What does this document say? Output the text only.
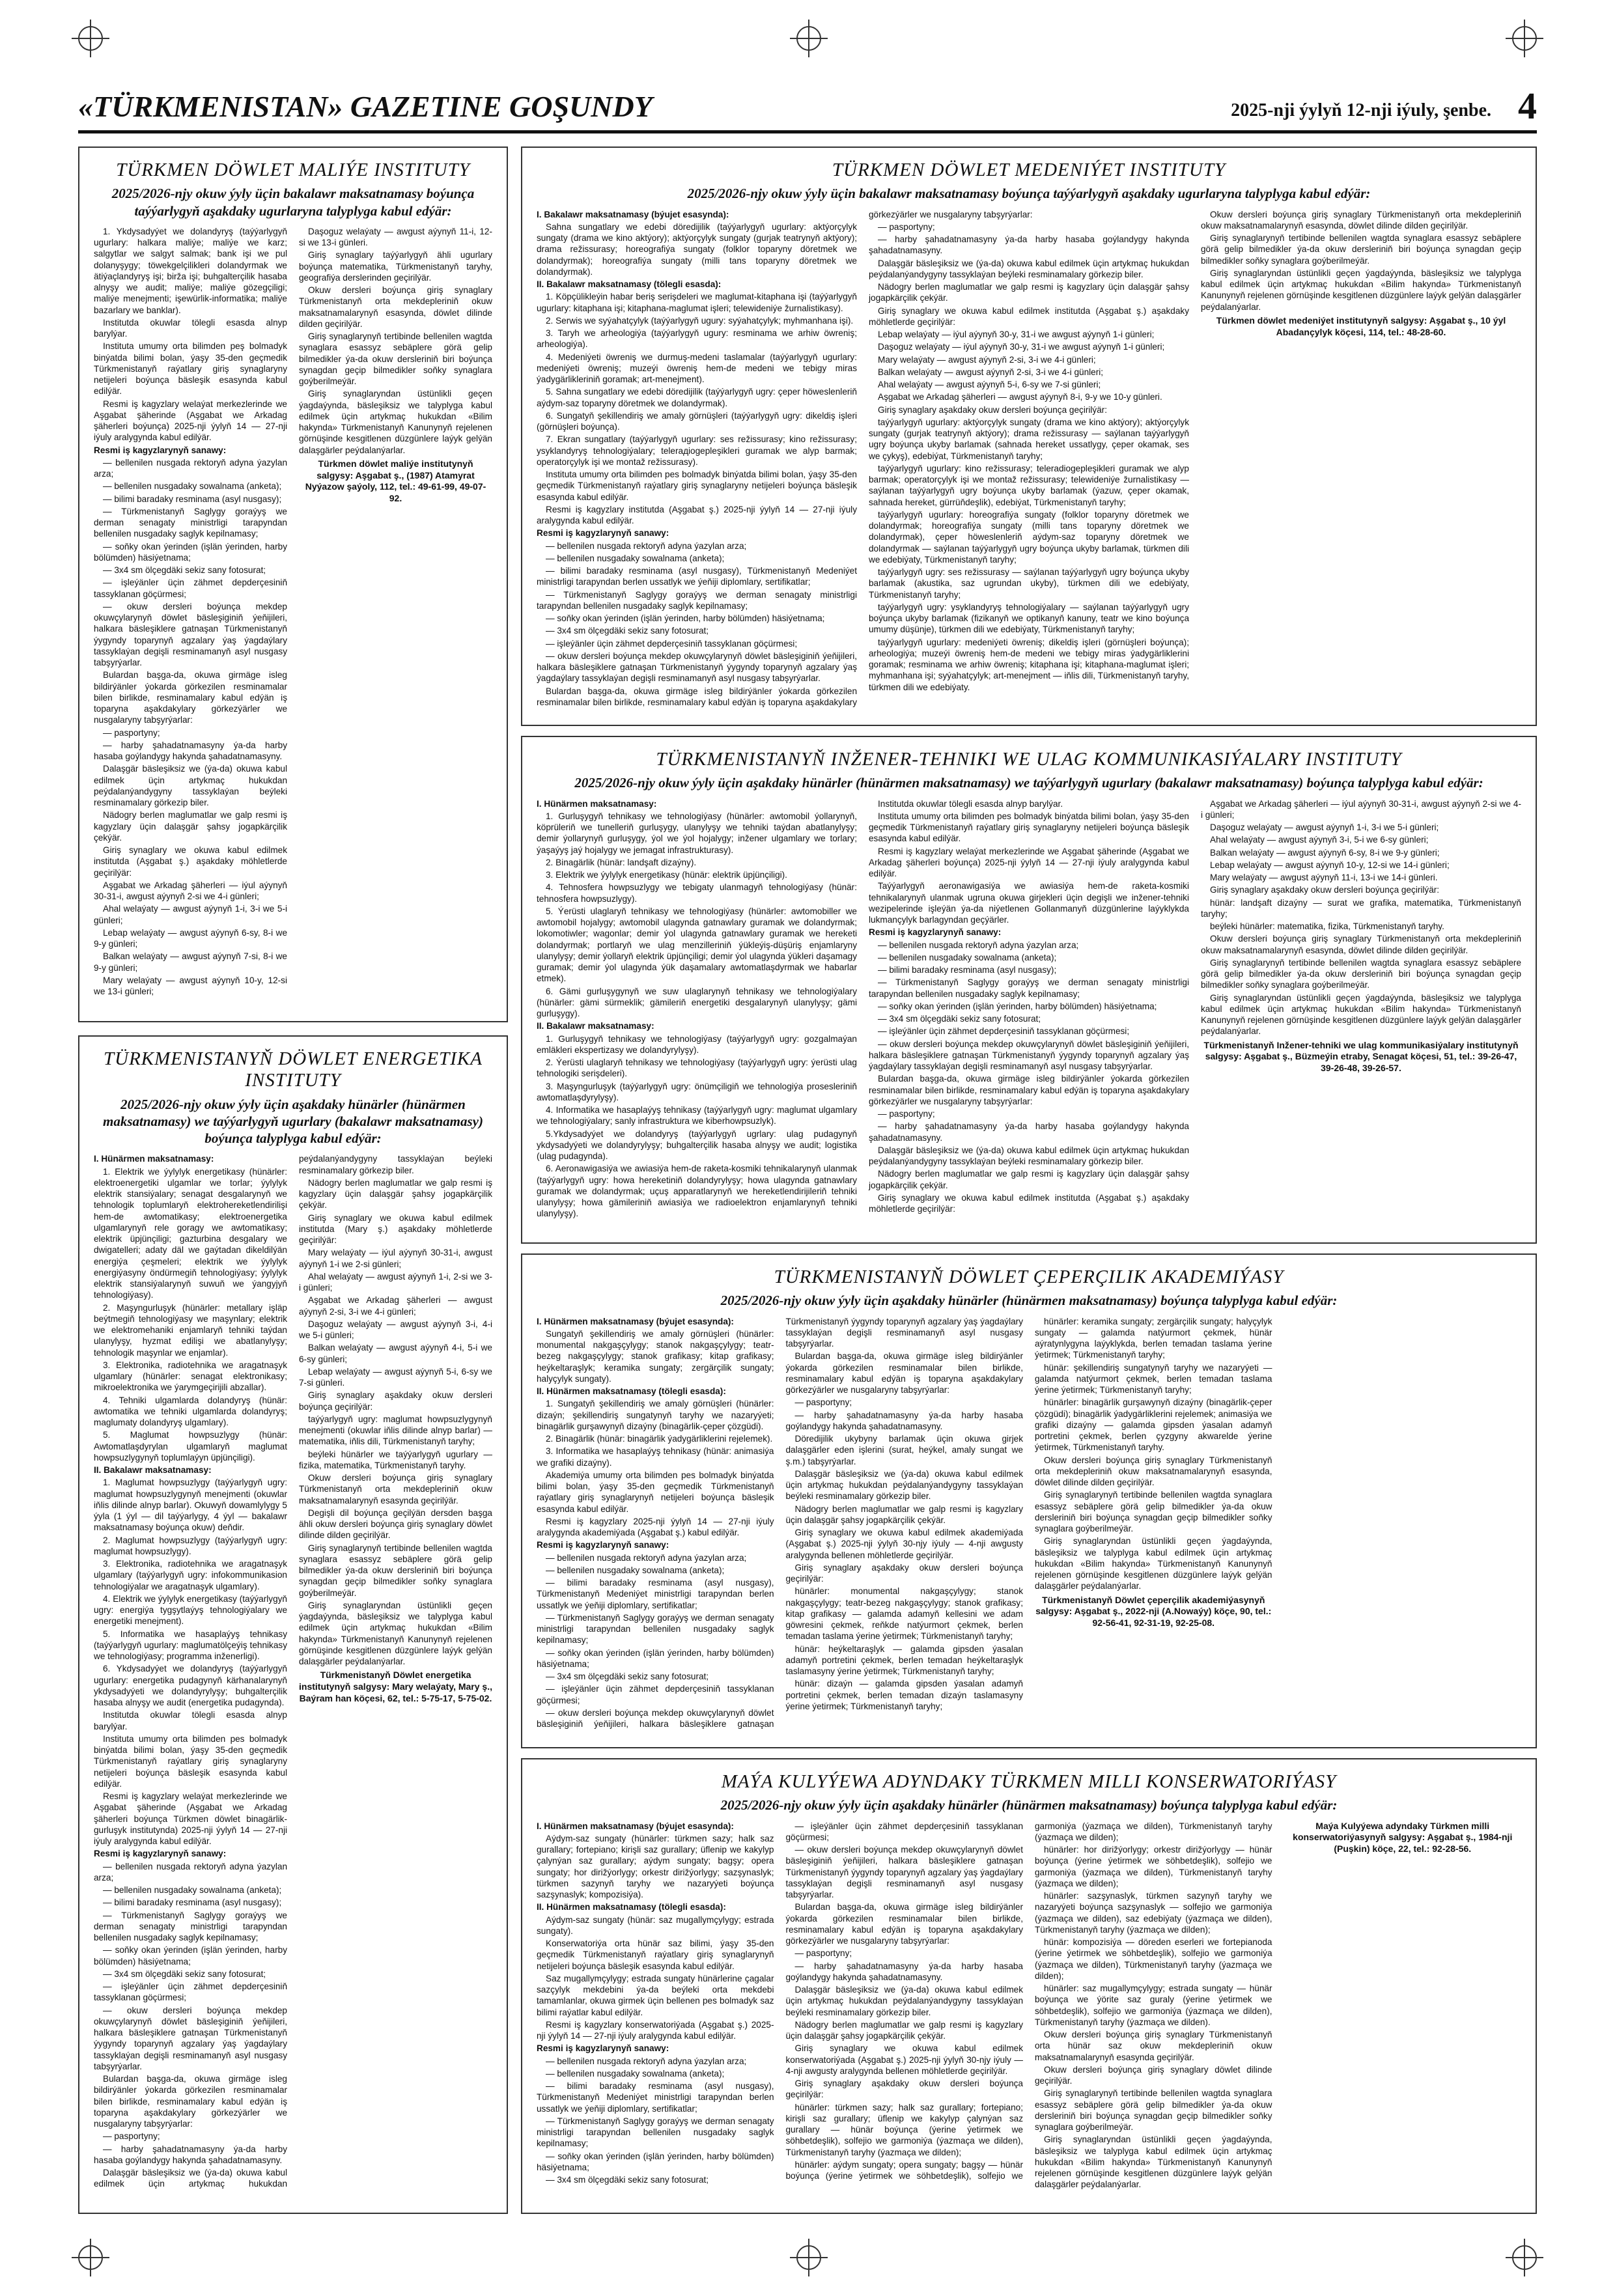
«TÜRKMENISTAN» GAZETINE GOŞUNDY	2025-nji ýylyň 12-nji iýuly, şenbe. 4
TÜRKMEN DÖWLET MALIÝE INSTITUTY
2025/2026-njy okuw ýyly üçin bakalawr maksatnamasy boýunça taýýarlygyň aşakdaky ugurlaryna talyplyga kabul edýär:

1. Ykdysadyýet we dolandyryş (taýýarlygyň ugurlary: halkara maliýe; maliýe we karz; salgytlar we salgyt salmak; bank işi we pul dolanyşygy; töwekgelçilikleri dolandyrmak we ätiýaçlandyryş işi; birža işi; buhgalterçilik hasaba alnyşy we audit; maliýe; maliýe gözegçiligi; maliýe menejmenti; işewürlik-informatika; maliýe bazarlary we banklar).

Institutda okuwlar tölegli esasda alnyp barylýar.

Institutа umumy orta bilimden peş bolmadyk binýatda bilimi bolan, ýaşy 35-den geçmedik Türkmenistanyň raýatlary giriş synaglaryny netijeleri boýunça bäsleşik esasynda kabul edilýär.

Resmi iş kagyzlary welaýat merkezlerinde we Aşgabat şäherinde (Aşgabat we Arkadag şäherleri boýunça) 2025-nji ýylyň 14 — 27-nji iýuly aralygynda kabul edilýär.

Resmi iş kagyzlarynyň sanawy:

— bellenilen nusgada rektoryň adyna ýazylan arza;

— bellenilen nusgadaky sowalnama (anketa);

— bilimi baradaky resminama (asyl nusgasy);

— Türkmenistanyň Saglygy goraýyş we derman senagaty ministrligi tarapyndan bellenilen nusgadaky saglyk kepilnamasy;

— soňky okan ýerinden (işlän ýerinden, harby bölümden) häsiýetnama;

— 3x4 sm ölçegdäki sekiz sany fotosurat;

— işleýänler üçin zähmet depderçesiniň tassyklanan göçürmesi;

— okuw dersleri boýunça mekdep okuwçylarynyň döwlet bäsleşiginiň ýeňijileri, halkara bäsleşiklere gatnaşan Türkmenistanyň ýygyndy toparynyň agzalary ýaş ýagdaýlary tassyklaýan degişli resminamanyň asyl nusgasy tabşyrýarlar.

Bulardan başga-da, okuwa girmäge isleg bildirýänler ýokarda görkezilen resminamalar bilen birlikde, resminamalary kabul edýän iş toparyna aşakdakylary görkezýärler we nusgalaryny tabşyrýarlar:

— pasportyny;

— harby şahadatnamasyny ýa-da harby hasaba goýlandygy hakynda şahadatnamasyny.

Dalaşgär bäsleşiksiz we (ýa-da) okuwa kabul edilmek üçin artykmaç hukukdan peýdalanýandygyny tassyklaýan beýleki resminamalary görkezip biler.

Nädogry berlen maglumatlar we galp resmi iş kagyzlary üçin dalaşgär şahsy jogapkärçilik çekýär.

Giriş synaglary we okuwa kabul edilmek institutda (Aşgabat ş.) aşakdaky möhletlerde geçirilýär:

Aşgabat we Arkadag şäherleri — iýul aýynyň 30-31-i, awgust aýynyň 2-si we 4-i günleri;

Ahal welaýaty — awgust aýynyň 1-i, 3-i we 5-i günleri;

Lebap welaýaty — awgust aýynyň 6-sy, 8-i we 9-y günleri;

Balkan welaýaty — awgust aýynyň 7-si, 8-i we 9-y günleri;

Mary welaýaty — awgust aýynyň 10-y, 12-si we 13-i günleri;

Daşoguz welaýaty — awgust aýynyň 11-i, 12-si we 13-i günleri.

Giriş synaglary taýýarlygyň ähli ugurlary boýunça matematika, Türkmenistanyň taryhy, geografiýa derslerinden geçirilýär.

Okuw dersleri boýunça giriş synaglary Türkmenistanyň orta mekdepleriniň okuw maksatnamalarynyň esasynda, döwlet dilinde dilden geçirilýär.

Giriş synaglarynyň tertibinde bellenilen wagtda synaglara esassyz sebäplere görä gelip bilmedikler ýa-da okuw dersleriniň biri boýunça synagdan geçip bilmedikler soňky synaglara goýberilmeýär.

Giriş synaglaryndan üstünlikli geçen ýagdaýynda, bäsleşiksiz we talyplyga kabul edilmek üçin artykmaç hukukdan «Bilim hakynda» Türkmenistanyň Kanunynyň rejelenen görnüşinde kesgitlenen düzgünlere laýyk gelýän dalaşgärler peýdalanýarlar.

Türkmen döwlet maliýe institutynyň salgysy: Aşgabat ş., (1987) Atamyrat Nyýazow şaýoly, 112, tel.: 49-61-99, 49-07-92.

TÜRKMENISTANYŇ DÖWLET ENERGETIKA INSTITUTY
2025/2026-njy okuw ýyly üçin aşakdaky hünärler (hünärmen maksatnamasy) we taýýarlygyň ugurlary (bakalawr maksatnamasy) boýunça talyplyga kabul edýär:

I. Hünärmen maksatnamasy:

1. Elektrik we ýylylyk energetikasy (hünärler: elektroenergetiki ulgamlar we torlar; ýylylyk elektrik stansiýalary; senagat desgalarynyň we tehnologik toplumlaryň elektrohereketlendirilişi hem-de awtomatikasy; elektroenergetika ulgamlarynyň rele goragy we awtomatikasy; elektrik üpjünçiligi; gazturbina desgalary we dwigatelleri; adaty däl we gaýtadan dikeldilýän energiýa çeşmeleri; elektrik we ýylylyk energiýasyny öndürmegiň tehnologiýasy; ýylylyk elektrik stansiýalarynyň suwuň we ýangyjyň tehnologiýasy).

2. Maşyngurluşyk (hünärler: metallary işläp beýtmegiň tehnologiýasy we maşynlary; elektrik we elektromehaniki enjamlaryň tehniki taýdan ulanylyşy, hyzmat edilişi we abatlanylyşy; tehnologik maşynlar we enjamlar).

3. Elektronika, radiotehnika we aragatnaşyk ulgamlary (hünärler: senagat elektronikasy; mikroelektronika we ýarymgeçirijili abzallar).

4. Tehniki ulgamlarda dolandyryş (hünär: awtomatika we tehniki ulgamlarda dolandyryş; maglumaty dolandyryş ulgamlary).

5. Maglumat howpsuzlygy (hünär: Awtomatlaşdyrylan ulgamlaryň maglumat howpsuzlygynyň toplumlaýyn üpjünçiligi).

II. Bakalawr maksatnamasy:

1. Maglumat howpsuzlygy (taýýarlygyň ugry: maglumat howpsuzlygynyň menejmenti (okuwlar iňlis dilinde alnyp barlar). Okuwyň dowamlylygy 5 ýyla (1 ýyl — dil taýýarlygy, 4 ýyl — bakalawr maksatnamasy boýunça okuw) deňdir.

2. Maglumat howpsuzlygy (taýýarlygyň ugry: maglumat howpsuzlygy).

3. Elektronika, radiotehnika we aragatnaşyk ulgamlary (taýýarlygyň ugry: infokommunikasion tehnologiýalar we aragatnaşyk ulgamlary).

4. Elektrik we ýylylyk energetikasy (taýýarlygyň ugry: energiýa tygşytlaýyş tehnologiýalary we energetiki menejment).

5. Informatika we hasaplaýyş tehnikasy (taýýarlygyň ugurlary: maglumatölçeýiş tehnikasy we tehnologiýasy; programma inženerligi).

6. Ykdysadyýet we dolandyryş (taýýarlygyň ugurlary: energetika pudagynyň kärhanalarynyň ykdysadyýeti we dolandyrylyşy; buhgalterçilik hasaba alnyşy we audit (energetika pudagynda).

Institutda okuwlar tölegli esasda alnyp barylýar.

Institutа umumy orta bilimden pes bolmadyk binýatda bilimi bolan, ýaşy 35-den geçmedik Türkmenistanyň raýatlary giriş synaglaryny netijeleri boýunça bäsleşik esasynda kabul edilýär.

Resmi iş kagyzlary welaýat merkezlerinde we Aşgabat şäherinde (Aşgabat we Arkadag şäherleri boýunça Türkmen döwlet binagärlik-gurluşyk institutynda) 2025-nji ýylyň 14 — 27-nji iýuly aralygynda kabul edilýär.

Resmi iş kagyzlarynyň sanawy:

— bellenilen nusgada rektoryň adyna ýazylan arza;

— bellenilen nusgadaky sowalnama (anketa);

— bilimi baradaky resminama (asyl nusgasy);

— Türkmenistanyň Saglygy goraýyş we derman senagaty ministrligi tarapyndan bellenilen nusgadaky saglyk kepilnamasy;

— soňky okan ýerinden (işlän ýerinden, harby bölümden) häsiýetnama;

— 3x4 sm ölçegdäki sekiz sany fotosurat;

— işleýänler üçin zähmet depderçesiniň tassyklanan göçürmesi;

— okuw dersleri boýunça mekdep okuwçylarynyň döwlet bäsleşiginiň ýeňijileri, halkara bäsleşiklere gatnaşan Türkmenistanyň ýygyndy toparynyň agzalary ýaş ýagdaýlary tassyklaýan degişli resminamanyň asyl nusgasy tabşyrýarlar.

Bulardan başga-da, okuwa girmäge isleg bildirýänler ýokarda görkezilen resminamalar bilen birlikde, resminamalary kabul edýän iş toparyna aşakdakylary görkezýärler we nusgalaryny tabşyrýarlar:

— pasportyny;

— harby şahadatnamasyny ýa-da harby hasaba goýlandygy hakynda şahadatnamasyny.

Dalaşgär bäsleşiksiz we (ýa-da) okuwa kabul edilmek üçin artykmaç hukukdan peýdalanýandygyny tassyklaýan beýleki resminamalary görkezip biler.

Nädogry berlen maglumatlar we galp resmi iş kagyzlary üçin dalaşgär şahsy jogapkärçilik çekýär.

Giriş synaglary we okuwa kabul edilmek institutda (Mary ş.) aşakdaky möhletlerde geçirilýär:

Mary welaýaty — iýul aýynyň 30-31-i, awgust aýynyň 1-i we 2-si günleri;

Ahal welaýaty — awgust aýynyň 1-i, 2-si we 3-i günleri;

Aşgabat we Arkadag şäherleri — awgust aýynyň 2-si, 3-i we 4-i günleri;

Daşoguz welaýaty — awgust aýynyň 3-i, 4-i we 5-i günleri;

Balkan welaýaty — awgust aýynyň 4-i, 5-i we 6-sy günleri;

Lebap welaýaty — awgust aýynyň 5-i, 6-sy we 7-si günleri.

Giriş synaglary aşakdaky okuw dersleri boýunça geçirilýär:

taýýarlygyň ugry: maglumat howpsuzlygynyň menejmenti (okuwlar iňlis dilinde alnyp barlar) — matematika, iňlis dili, Türkmenistanyň taryhy;

beýleki hünärler we taýýarlygyň ugurlary — fizika, matematika, Türkmenistanyň taryhy.

Okuw dersleri boýunça giriş synaglary Türkmenistanyň orta mekdepleriniň okuw maksatnamalarynyň esasynda geçirilýär.

Degişli dil boýunça geçilýän dersden başga ähli okuw dersleri boýunça giriş synaglary döwlet dilinde dilden geçirilýär.

Giriş synaglarynyň tertibinde bellenilen wagtda synaglara esassyz sebäplere görä gelip bilmedikler ýa-da okuw dersleriniň biri boýunça synagdan geçip bilmedikler soňky synaglara goýberilmeýär.

Giriş synaglaryndan üstünlikli geçen ýagdaýynda, bäsleşiksiz we talyplyga kabul edilmek üçin artykmaç hukukdan «Bilim hakynda» Türkmenistanyň Kanunynyň rejelenen görnüşinde kesgitlenen düzgünlere laýyk gelýän dalaşgärler peýdalanýarlar.

Türkmenistanyň Döwlet energetika institutynyň salgysy: Mary welaýaty, Mary ş., Baýram han köçesi, 62, tel.: 5-75-17, 5-75-02.

TÜRKMEN DÖWLET MEDENIÝET INSTITUTY
2025/2026-njy okuw ýyly üçin bakalawr maksatnamasy boýunça taýýarlygyň aşakdaky ugurlaryna talyplyga kabul edýär:

I. Bakalawr maksatnamasy (býujet esasynda):

Sahna sungatlary we edebi döredijilik (taýýarlygyň ugurlary: aktýorçylyk sungaty (drama we kino aktýory); aktýorçylyk sungaty (gurjak teatrynyň aktýory); drama režissurasy; horeografiýa sungaty (folklor toparyny döretmek we dolandyrmak); horeografiýa sungaty (milli tans toparyny döretmek we dolandyrmak).

II. Bakalawr maksatnamasy (tölegli esasda):

1. Köpçülikleýin habar beriş serişdeleri we maglumat-kitaphana işi (taýýarlygyň ugurlary: kitaphana işi; kitaphana-maglumat işleri; telewideniýe žurnalistikasy).

2. Serwis we syýahatçylyk (taýýarlygyň ugury: syýahatçylyk; myhmanhana işi).

3. Taryh we arheologiýa (taýýarlygyň ugury: resminama we arhiw öwreniş; arheologiýa).

4. Medeniýeti öwreniş we durmuş-medeni taslamalar (taýýarlygyň ugurlary: medeniýeti öwreniş; muzeýi öwreniş hem-de medeni we tebigy miras ýadygärlikleriniň goramak; art-menejment).

5. Sahna sungatlary we edebi döredijilik (taýýarlygyň ugry: çeper höweslenleriň aýdym-saz toparyny döretmek we dolandyrmak).

6. Sungatyň şekillendiriş we amaly görnüşleri (taýýarlygyň ugry: dikeldiş işleri (görnüşleri boýunça).

7. Ekran sungatlary (taýýarlygyň ugurlary: ses režissurasy; kino režissurasy; ysyklandyryş tehnologiýalary; telerадiogepleşikleri guramak we alyp barmak; operatorçylyk işi we montaž režissurasy).

Institutа umumy orta bilimden pes bolmadyk binýatda bilimi bolan, ýaşy 35-den geçmedik Türkmenistanyň raýatlary giriş synaglaryny netijeleri boýunça bäsleşik esasynda kabul edilýär.

Resmi iş kagyzlary institutda (Aşgabat ş.) 2025-nji ýylyň 14 — 27-nji iýuly aralygynda kabul edilýär.

Resmi iş kagyzlarynyň sanawy:

— bellenilen nusgada rektoryň adyna ýazylan arza;

— bellenilen nusgadaky sowalnama (anketa);

— bilimi baradaky resminama (asyl nusgasy), Türkmenistanyň Medeniýet ministrligi tarapyndan berlen ussatlyk we ýeňiji diplomlary, sertifikatlar;

— Türkmenistanyň Saglygy goraýyş we derman senagaty ministrligi tarapyndan bellenilen nusgadaky saglyk kepilnamasy;

— soňky okan ýerinden (işlän ýerinden, harby bölümden) häsiýetnama;

— 3x4 sm ölçegdäki sekiz sany fotosurat;

— işleýänler üçin zähmet depderçesiniň tassyklanan göçürmesi;

— okuw dersleri boýunça mekdep okuwçylarynyň döwlet bäsleşiginiň ýeňijileri, halkara bäsleşiklere gatnaşan Türkmenistanyň ýygyndy toparynyň agzalary ýaş ýagdaýlary tassyklaýan degişli resminamanyň asyl nusgasy tabşyrýarlar.

Bulardan başga-da, okuwa girmäge isleg bildirýänler ýokarda görkezilen resminamalar bilen birlikde, resminamalary kabul edýän iş toparyna aşakdakylary görkezýärler we nusgalaryny tabşyrýarlar:

— pasportyny;

— harby şahadatnamasyny ýa-da harby hasaba goýlandygy hakynda şahadatnamasyny.

Dalaşgär bäsleşiksiz we (ýa-da) okuwa kabul edilmek üçin artykmaç hukukdan peýdalanýandygyny tassyklaýan beýleki resminamalary görkezip biler.

Nädogry berlen maglumatlar we galp resmi iş kagyzlary üçin dalaşgär şahsy jogapkärçilik çekýär.

Giriş synaglary we okuwa kabul edilmek institutda (Aşgabat ş.) aşakdaky möhletlerde geçirilýär:

Lebap welaýaty — iýul aýynyň 30-y, 31-i we awgust aýynyň 1-i günleri;

Daşoguz welaýaty — iýul aýynyň 30-y, 31-i we awgust aýynyň 1-i günleri;

Mary welaýaty — awgust aýynyň 2-si, 3-i we 4-i günleri;

Balkan welaýaty — awgust aýynyň 2-si, 3-i we 4-i günleri;

Ahal welaýaty — awgust aýynyň 5-i, 6-sy we 7-si günleri;

Aşgabat we Arkadag şäherleri — awgust aýynyň 8-i, 9-y we 10-y günleri.

Giriş synaglary aşakdaky okuw dersleri boýunça geçirilýär:

taýýarlygyň ugurlary: aktýorçylyk sungaty (drama we kino aktýory); aktýorçylyk sungaty (gurjak teatrynyň aktýory); drama režissurasy — saýlanan taýýarlygyň ugry boýunça ukyby barlamak (sahnada hereket ussatlygy, çeper okamak, ses we çykyş), edebiýat, Türkmenistanyň taryhy;

taýýarlygyň ugurlary: kino režissurasy; teleradiogepleşikleri guramak we alyp barmak; operatorçylyk işi we montaž režissurasy; telewideniýe žurnalistikasy — saýlanan taýýarlygyň ugry boýunça ukyby barlamak (ýazuw, çeper okamak, sahnada hereket, gürrüňdeşlik), edebiýat, Türkmenistanyň taryhy;

taýýarlygyň ugurlary: horeografiýa sungaty (folklor toparyny döretmek we dolandyrmak; horeografiýa sungaty (milli tans toparyny döretmek we dolandyrmak), çeper höweslenleriň aýdym-saz toparyny döretmek we dolandyrmak — saýlanan taýýarlygyň ugry boýunça ukyby barlamak, türkmen dili we edebiýaty, Türkmenistanyň taryhy;

taýýarlygyň ugry: ses režissurasy — saýlanan taýýarlygyň ugry boýunça ukyby barlamak (akustika, saz ugrundan ukyby), türkmen dili we edebiýaty, Türkmenistanyň taryhy;

taýýarlygyň ugry: ysyklandyryş tehnologiýalary — saýlanan taýýarlygyň ugry boýunça ukyby barlamak (fizikanyň we optikanyň kanuny, teatr we kino boýunça umumy düşünje), türkmen dili we edebiýaty, Türkmenistanyň taryhy;

taýýarlygyň ugurlary: medeniýeti öwreniş; dikeldiş işleri (görnüşleri boýunça); arheologiýa; muzeýi öwreniş hem-de medeni we tebigy miras ýadygärliklerini goramak; resminama we arhiw öwreniş; kitaphana işi; kitaphana-maglumat işleri; myhmanhana işi; syýahatçylyk; art-menejment — iňlis dili, Türkmenistanyň taryhy, türkmen dili we edebiýaty.

Okuw dersleri boýunça giriş synaglary Türkmenistanyň orta mekdepleriniň okuw maksatnamalarynyň esasynda, döwlet dilinde dilden geçirilýär.

Giriş synaglarynyň tertibinde bellenilen wagtda synaglara esassyz sebäplere görä gelip bilmedikler ýa-da okuw dersleriniň biri boýunça synagdan geçip bilmedikler soňky synaglara goýberilmeýär.

Giriş synaglaryndan üstünlikli geçen ýagdaýynda, bäsleşiksiz we talyplyga kabul edilmek üçin artykmaç hukukdan «Bilim hakynda» Türkmenistanyň Kanunynyň rejelenen görnüşinde kesgitlenen düzgünlere laýyk gelýän dalaşgärler peýdalanýarlar.

Türkmen döwlet medeniýet institutynyň salgysy: Aşgabat ş., 10 ýyl Abadançylyk köçesi, 114, tel.: 48-28-60.

TÜRKMENISTANYŇ INŽENER-TEHNIKI WE ULAG KOMMUNIKASIÝALARY INSTITUTY
2025/2026-njy okuw ýyly üçin aşakdaky hünärler (hünärmen maksatnamasy) we taýýarlygyň ugurlary (bakalawr maksatnamasy) boýunça talyplyga kabul edýär:

I. Hünärmen maksatnamasy:

1. Gurluşygyň tehnikasy we tehnologiýasy (hünärler: awtomobil ýollarynyň, köprüleriň we tunelleriň gurluşygy, ulanylyşy we tehniki taýdan abatlanylyşy; demir ýollarynyň gurluşygy, ýol we ýol hojalygy; inžener ulgamlary we torlary; ýaşaýyş jaý hojalygy we jemagat infrastrukturasy).

2. Binagärlik (hünär: landşaft dizaýny).

3. Elektrik we ýylylyk energetikasy (hünär: elektrik üpjünçiligi).

4. Tehnosfera howpsuzlygy we tebigaty ulanmagyň tehnologiýasy (hünär: tehnosfera howpsuzlygy).

5. Ýerüsti ulaglaryň tehnikasy we tehnologiýasy (hünärler: awtomobiller we awtomobil hojalygy; awtomobil ulagynda gatnawlary guramak we dolandyrmak; lokomotiwler; wagonlar; demir ýol ulagynda gatnawlary guramak we hereketi dolandyrmak; portlaryň we ulag menzilleriniň ýükleýiş-düşüriş enjamlaryny ulanylyşy; demir ýollaryň elektrik üpjünçiligi; demir ýol ulagynda ýükleri daşamagy guramak; demir ýol ulagynda ýük daşamalary awtomatlaşdyrmak we habarlar etmek).

6. Gämi gurluşygynyň we suw ulaglarynyň tehnikasy we tehnologiýalary (hünärler: gämi sürmeklik; gämileriň energetiki desgalarynyň ulanylyşy; gämi gurluşygy).

II. Bakalawr maksatnamasy:

1. Gurluşygyň tehnikasy we tehnologiýasy (taýýarlygyň ugry: gozgalmaýan emläkleri ekspertizasy we dolandyrylyşy).

2. Ýerüsti ulaglaryň tehnikasy we tehnologiýasy (taýýarlygyň ugry: ýerüsti ulag tehnologiki serişdeleri).

3. Maşyngurluşyk (taýýarlygyň ugry: önümçiligiň we tehnologiýa prosesleriniň awtomatlaşdyrylyşy).

4. Informatika we hasaplaýyş tehnikasy (taýýarlygyň ugry: maglumat ulgamlary we tehnologiýalary; sanly infrastruktura we kiberhowpsuzlyk).

5.Ykdysadyýet we dolandyryş (taýýarlygyň ugrlary: ulag pudagynyň ykdysadyýeti we dolandyrylyşy; buhgalterçilik hasaba alnyşy we audit; logistika (ulag pudagynda).

6. Aeronawigasiýa we awiasiýa hem-de raketa-kosmiki tehnikalarynyň ulanmak (taýýarlygyň ugry: howa hereketiniň dolandyrylyşy; howa ulagynda gatnawlary guramak we dolandyrmak; uçuş apparatlarynyň we hereketlendirijileriň tehniki ulanylyşy; howa gämileriniň awiasiýa we radioelektron enjamlarynyň tehniki ulanylyşy).

Institutda okuwlar tölegli esasda alnyp barylýar.

Institutа umumy orta bilimden pes bolmadyk binýatda bilimi bolan, ýaşy 35-den geçmedik Türkmenistanyň raýatlary giriş synaglaryny netijeleri boýunça bäsleşik esasynda kabul edilýär.

Resmi iş kagyzlary welaýat merkezlerinde we Aşgabat şäherinde (Aşgabat we Arkadag şäherleri boýunça) 2025-nji ýylyň 14 — 27-nji iýuly aralygynda kabul edilýär.

Taýýarlygyň aeronawigasiýa we awiasiýa hem-de raketa-kosmiki tehnikalarynyň ulanmak ugruna okuwa girjekleri üçin degişli we inžener-tehniki wezipelerinde işleýän ýa-da niýetlenen Gollanmanyň düzgünlerine laýyklykda lukmançylyk barlagyndan geçýärler.

Resmi iş kagyzlarynyň sanawy:

— bellenilen nusgada rektoryň adyna ýazylan arza;

— bellenilen nusgadaky sowalnama (anketa);

— bilimi baradaky resminama (asyl nusgasy);

— Türkmenistanyň Saglygy goraýyş we derman senagaty ministrligi tarapyndan bellenilen nusgadaky saglyk kepilnamasy;

— soňky okan ýerinden (işlän ýerinden, harby bölümden) häsiýetnama;

— 3x4 sm ölçegdäki sekiz sany fotosurat;

— işleýänler üçin zähmet depderçesiniň tassyklanan göçürmesi;

— okuw dersleri boýunça mekdep okuwçylarynyň döwlet bäsleşiginiň ýeňijileri, halkara bäsleşiklere gatnaşan Türkmenistanyň ýygyndy toparynyň agzalary ýaş ýagdaýlary tassyklaýan degişli resminamanyň asyl nusgasy tabşyrýarlar.

Bulardan başga-da, okuwa girmäge isleg bildirýänler ýokarda görkezilen resminamalar bilen birlikde, resminamalary kabul edýän iş toparyna aşakdakylary görkezýärler we nusgalaryny tabşyrýarlar:

— pasportyny;

— harby şahadatnamasyny ýa-da harby hasaba goýlandygy hakynda şahadatnamasyny.

Dalaşgär bäsleşiksiz we (ýa-da) okuwa kabul edilmek üçin artykmaç hukukdan peýdalanýandygyny tassyklaýan beýleki resminamalary görkezip biler.

Nädogry berlen maglumatlar we galp resmi iş kagyzlary üçin dalaşgär şahsy jogapkärçilik çekýär.

Giriş synaglary we okuwa kabul edilmek institutda (Aşgabat ş.) aşakdaky möhletlerde geçirilýär:

Aşgabat we Arkadag şäherleri — iýul aýynyň 30-31-i, awgust aýynyň 2-si we 4-i günleri;

Daşoguz welaýaty — awgust aýynyň 1-i, 3-i we 5-i günleri;

Ahal welaýaty — awgust aýynyň 3-i, 5-i we 6-sy günleri;

Balkan welaýaty — awgust aýynyň 6-sy, 8-i we 9-y günleri;

Lebap welaýaty — awgust aýynyň 10-y, 12-si we 14-i günleri;

Mary welaýaty — awgust aýynyň 11-i, 13-i we 14-i günleri.

Giriş synaglary aşakdaky okuw dersleri boýunça geçirilýär:

hünär: landşaft dizaýny — surat we grafika, matematika, Türkmenistanyň taryhy;

beýleki hünärler: matematika, fizika, Türkmenistanyň taryhy.

Okuw dersleri boýunça giriş synaglary Türkmenistanyň orta mekdepleriniň okuw maksatnamalarynyň esasynda, döwlet dilinde dilden geçirilýär.

Giriş synaglarynyň tertibinde bellenilen wagtda synaglara esassyz sebäplere görä gelip bilmedikler ýa-da okuw dersleriniň biri boýunça synagdan geçip bilmedikler soňky synaglara goýberilmeýär.

Giriş synaglaryndan üstünlikli geçen ýagdaýynda, bäsleşiksiz we talyplyga kabul edilmek üçin artykmaç hukukdan «Bilim hakynda» Türkmenistanyň Kanunynyň rejelenen görnüşinde kesgitlenen düzgünlere laýyk gelýän dalaşgärler peýdalanýarlar.

Türkmenistanyň Inžener-tehniki we ulag kommunikasiýalary institutynyň salgysy: Aşgabat ş., Büzmeýin etraby, Senagat köçesi, 51, tel.: 39-26-47, 39-26-48, 39-26-57.

TÜRKMENISTANYŇ DÖWLET ÇEPERÇILIK AKADEMIÝASY
2025/2026-njy okuw ýyly üçin aşakdaky hünärler (hünärmen maksatnamasy) boýunça talyplyga kabul edýär:

I. Hünärmen maksatnamasy (býujet esasynda):

Sungatyň şekillendiriş we amaly görnüşleri (hünärler: monumental nakgaşçylygy; stanok nakgaşçylygy; teatr-bezeg nakgaşçylygy; stanok grafikasy; kitap grafikasy; heýkeltaraşlyk; keramika sungaty; zergärçilik sungaty; halyçylyk sungaty).

II. Hünärmen maksatnamasy (tölegli esasda):

1. Sungatyň şekillendiriş we amaly görnüşleri (hünärler: dizaýn; şekillendiriş sungatynyň taryhy we nazaryýeti; binagärlik gurşawynyň dizaýny (binagärlik-çeper çözgüdi).

2. Binagärlik (hünär: binagärlik ýadygärliklerini rejelemek).

3. Informatika we hasaplaýyş tehnikasy (hünär: animasiýa we grafiki dizaýny).

Akademiýa umumy orta bilimden pes bolmadyk binýatda bilimi bolan, ýaşy 35-den geçmedik Türkmenistanyň raýatlary giriş synaglarynyň netijeleri boýunça bäsleşik esasynda kabul edilýär.

Resmi iş kagyzlary 2025-nji ýylyň 14 — 27-nji iýuly aralygynda akademiýada (Aşgabat ş.) kabul edilýär.

Resmi iş kagyzlarynyň sanawy:

— bellenilen nusgada rektoryň adyna ýazylan arza;

— bellenilen nusgadaky sowalnama (anketa);

— bilimi baradaky resminama (asyl nusgasy), Türkmenistanyň Medeniýet ministrligi tarapyndan berlen ussatlyk we ýeňiji diplomlary, sertifikatlar;

— Türkmenistanyň Saglygy goraýyş we derman senagaty ministrligi tarapyndan bellenilen nusgadaky saglyk kepilnamasy;

— soňky okan ýerinden (işlän ýerinden, harby bölümden) häsiýetnama;

— 3x4 sm ölçegdäki sekiz sany fotosurat;

— işleýänler üçin zähmet depderçesiniň tassyklanan göçürmesi;

— okuw dersleri boýunça mekdep okuwçylarynyň döwlet bäsleşiginiň ýeňijileri, halkara bäsleşiklere gatnaşan Türkmenistanyň ýygyndy toparynyň agzalary ýaş ýagdaýlary tassyklaýan degişli resminamanyň asyl nusgasy tabşyrýarlar.

Bulardan başga-da, okuwa girmäge isleg bildirýänler ýokarda görkezilen resminamalar bilen birlikde, resminamalary kabul edýän iş toparyna aşakdakylary görkezýärler we nusgalaryny tabşyrýarlar:

— pasportyny;

— harby şahadatnamasyny ýa-da harby hasaba goýlandygy hakynda şahadatnamasyny.

Döredijilik ukybyny barlamak üçin okuwa girjek dalaşgärler eden işlerini (surat, heýkel, amaly sungat we ş.m.) tabşyrýarlar.

Dalaşgär bäsleşiksiz we (ýa-da) okuwa kabul edilmek üçin artykmaç hukukdan peýdalanýandygyny tassyklaýan beýleki resminamalary görkezip biler.

Nädogry berlen maglumatlar we galp resmi iş kagyzlary üçin dalaşgär şahsy jogapkärçilik çekýär.

Giriş synaglary we okuwa kabul edilmek akademiýada (Aşgabat ş.) 2025-nji ýylyň 30-njy iýuly — 4-nji awgusty aralygynda bellenen möhletlerde geçirilýär.

Giriş synaglary aşakdaky okuw dersleri boýunça geçirilýär:

hünärler: monumental nakgaşçylygy; stanok nakgaşçylygy; teatr-bezeg nakgaşçylygy; stanok grafikasy; kitap grafikasy — galamda adamyň kellesini we adam göwresini çekmek, reňkde natýurmort çekmek, berlen temadan taslama ýerine ýetirmek; Türkmenistanyň taryhy;

hünär: heýkeltaraşlyk — galamda gipsden ýasalan adamyň portretini çekmek, berlen temadan heýkeltaraşlyk taslamasyny ýerine ýetirmek; Türkmenistanyň taryhy;

hünär: dizaýn — galamda gipsden ýasalan adamyň portretini çekmek, berlen temadan dizaýn taslamasyny ýerine ýetirmek; Türkmenistanyň taryhy;

hünärler: keramika sungaty; zergärçilik sungaty; halyçylyk sungaty — galamda natýurmort çekmek, hünär aýratynlygyna laýyklykda, berlen temadan taslama ýerine ýetirmek; Türkmenistanyň taryhy;

hünär: şekillendiriş sungatynyň taryhy we nazaryýeti — galamda natýurmort çekmek, berlen temadan taslama ýerine ýetirmek; Türkmenistanyň taryhy;

hünärler: binagärlik gurşawynyň dizaýny (binagärlik-çeper çözgüdi); binagärlik ýadygärliklerini rejelemek; animasiýa we grafiki dizaýny — galamda gipsden ýasalan adamyň portretini çekmek, berlen çyzgyny akwarelde ýerine ýetirmek, Türkmenistanyň taryhy.

Okuw dersleri boýunça giriş synaglary Türkmenistanyň orta mekdepleriniň okuw maksatnamalarynyň esasynda, döwlet dilinde dilden geçirilýär.

Giriş synaglarynyň tertibinde bellenilen wagtda synaglara esassyz sebäplere görä gelip bilmedikler ýa-da okuw dersleriniň biri boýunça synagdan geçip bilmedikler soňky synaglara goýberilmeýär.

Giriş synaglaryndan üstünlikli geçen ýagdaýynda, bäsleşiksiz we talyplyga kabul edilmek üçin artykmaç hukukdan «Bilim hakynda» Türkmenistanyň Kanunynyň rejelenen görnüşinde kesgitlenen düzgünlere laýyk gelýän dalaşgärler peýdalanýarlar.

Türkmenistanyň Döwlet çeperçilik akademiýasynyň salgysy: Aşgabat ş., 2022-nji (A.Nowaýy) köçe, 90, tel.: 92-56-41, 92-31-19, 92-25-08.

MAÝA KULYÝEWA ADYNDAKY TÜRKMEN MILLI KONSERWATORIÝASY
2025/2026-njy okuw ýyly üçin aşakdaky hünärler (hünärmen maksatnamasy) boýunça talyplyga kabul edýär:

I. Hünärmen maksatnamasy (býujet esasynda):

Aýdym-saz sungaty (hünärler: türkmen sazy; halk saz gurallary; fortepiano; kirişli saz gurallary; üflenip we kakylyp çalynýan saz gurallary; aýdym sungaty; bagşy; opera sungaty; hor dirižýorlygy; orkestr dirižýorlygy; sazşynaslyk; türkmen sazynyň taryhy we nazaryýeti boýunça sazşynaslyk; kompozisiýa).

II. Hünärmen maksatnamasy (tölegli esasda):

Aýdym-saz sungaty (hünär: saz mugallymçylygy; estrada sungaty).

Konserwatoriýa orta hünär saz bilimi, ýaşy 35-den geçmedik Türkmenistanyň raýatlary giriş synaglarynyň netijeleri boýunça bäsleşik esasynda kabul edilýär.

Saz mugallymçylygy; estrada sungaty hünärlerine çagalar sazçylyk mekdebini ýa-da beýleki orta mekdebi tamamlanlar, okuwa girmek üçin bellenen pes bolmadyk saz bilimi raýatlar kabul edilýär.

Resmi iş kagyzlary konserwatoriýada (Aşgabat ş.) 2025-nji ýylyň 14 — 27-nji iýuly aralygynda kabul edilýär.

Resmi iş kagyzlarynyň sanawy:

— bellenilen nusgada rektoryň adyna ýazylan arza;

— bellenilen nusgadaky sowalnama (anketa);

— bilimi baradaky resminama (asyl nusgasy), Türkmenistanyň Medeniýet ministrligi tarapyndan berlen ussatlyk we ýeňiji diplomlary, sertifikatlar;

— Türkmenistanyň Saglygy goraýyş we derman senagaty ministrligi tarapyndan bellenilen nusgadaky saglyk kepilnamasy;

— soňky okan ýerinden (işlän ýerinden, harby bölümden) häsiýetnama;

— 3x4 sm ölçegdäki sekiz sany fotosurat;

— işleýänler üçin zähmet depderçesiniň tassyklanan göçürmesi;

— okuw dersleri boýunça mekdep okuwçylarynyň döwlet bäsleşiginiň ýeňijileri, halkara bäsleşiklere gatnaşan Türkmenistanyň ýygyndy toparynyň agzalary ýaş ýagdaýlary tassyklaýan degişli resminamanyň asyl nusgasy tabşyrýarlar.

Bulardan başga-da, okuwa girmäge isleg bildirýänler ýokarda görkezilen resminamalar bilen birlikde, resminamalary kabul edýän iş toparyna aşakdakylary görkezýärler we nusgalaryny tabşyrýarlar:

— pasportyny;

— harby şahadatnamasyny ýa-da harby hasaba goýlandygy hakynda şahadatnamasyny.

Dalaşgär bäsleşiksiz we (ýa-da) okuwa kabul edilmek üçin artykmaç hukukdan peýdalanýandygyny tassyklaýan beýleki resminamalary görkezip biler.

Nädogry berlen maglumatlar we galp resmi iş kagyzlary üçin dalaşgär şahsy jogapkärçilik çekýär.

Giriş synaglary we okuwa kabul edilmek konserwatoriýada (Aşgabat ş.) 2025-nji ýylyň 30-njy iýuly — 4-nji awgusty aralygynda bellenen möhletlerde geçirilýär.

Giriş synaglary aşakdaky okuw dersleri boýunça geçirilýär:

hünärler: türkmen sazy; halk saz gurallary; fortepiano; kirişli saz gurallary; üflenip we kakylyp çalynýan saz gurallary — hünär boýunça (ýerine ýetirmek we söhbetdeşlik), solfejio we garmoniýa (ýazmaça we dilden), Türkmenistanyň taryhy (ýazmaça we dilden);

hünärler: aýdym sungaty; opera sungaty; bagşy — hünär boýunça (ýerine ýetirmek we söhbetdeşlik), solfejio we garmoniýa (ýazmaça we dilden), Türkmenistanyň taryhy (ýazmaça we dilden);

hünärler: hor dirižýorlygy; orkestr dirižýorlygy — hünär boýunça (ýerine ýetirmek we söhbetdeşlik), solfejio we garmoniýa (ýazmaça we dilden), Türkmenistanyň taryhy (ýazmaça we dilden);

hünärler: sazşynaslyk, türkmen sazynyň taryhy we nazaryýeti boýunça sazşynaslyk — solfejio we garmoniýa (ýazmaça we dilden), saz edebiýaty (ýazmaça we dilden), Türkmenistanyň taryhy (ýazmaça we dilden);

hünär: kompozisiýa — döreden eserleri we fortepianoda (ýerine ýetirmek we söhbetdeşlik), solfejio we garmoniýa (ýazmaça we dilden), Türkmenistanyň taryhy (ýazmaça we dilden);

hünärler: saz mugallymçylygy; estrada sungaty — hünär boýunça we ýörite saz guraly (ýerine ýetirmek we söhbetdeşlik), solfejio we garmoniýa (ýazmaça we dilden), Türkmenistanyň taryhy (ýazmaça we dilden).

Okuw dersleri boýunça giriş synaglary Türkmenistanyň orta hünär saz okuw mekdepleriniň okuw maksatnamalarynyň esasynda geçirilýär.

Okuw dersleri boýunça giriş synaglary döwlet dilinde geçirilýär.

Giriş synaglarynyň tertibinde bellenilen wagtda synaglara esassyz sebäplere görä gelip bilmedikler ýa-da okuw dersleriniň biri boýunça synagdan geçip bilmedikler soňky synaglara goýberilmeýär.

Giriş synaglaryndan üstünlikli geçen ýagdaýynda, bäsleşiksiz we talyplyga kabul edilmek üçin artykmaç hukukdan «Bilim hakynda» Türkmenistanyň Kanunynyň rejelenen görnüşinde kesgitlenen düzgünlere laýyk gelýän dalaşgärler peýdalanýarlar.

Maýa Kulyýewa adyndaky Türkmen milli konserwatoriýasynyň salgysy: Aşgabat ş., 1984-nji (Puşkin) köçe, 22, tel.: 92-28-56.
